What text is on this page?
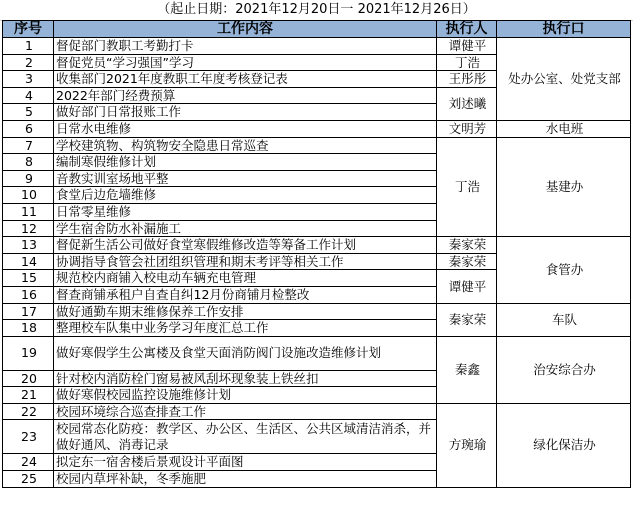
（起止日期：2021年12月20日一 2021年12月26日）
序号	工作内容	执行人	执行口
1	督促部门教职工考勤打卡	谭健平	处办公室、处党支部
2	督促党员“学习强国”学习	丁浩	
3	收集部门2021年度教职工年度考核登记表	王彤彤	
4	2022年部门经费预算	刘述曦	
5	做好部门日常报账工作		
6	日常水电维修	文明芳	水电班
7	学校建筑物、构筑物安全隐患日常巡查	丁浩	基建办
8	编制寒假维修计划		
9	音教实训室场地平整		
10	食堂后边危墙维修		
11	日常零星维修		
12	学生宿舍防水补漏施工		
13	督促新生活公司做好食堂寒假维修改造等筹备工作计划	秦家荣	食管办
14	协调指导食管会社团组织管理和期末考评等相关工作	秦家荣	
15	规范校内商铺入校电动车辆充电管理	谭健平	
16	督查商铺承租户自查自纠12月份商铺月检整改		
17	做好通勤车期末维修保养工作安排	秦家荣	车队
18	整理校车队集中业务学习年度汇总工作		
19	做好寒假学生公寓楼及食堂天面消防阀门设施改造维修计划	秦鑫	治安综合办
20	针对校内消防栓门窗易被风刮坏现象装上铁丝扣		
21	做好寒假校园监控设施维修计划		
22	校园环境综合巡查排查工作	方琬瑜	绿化保洁办
23	校园常态化防疫：教学区、办公区、生活区、公共区域清洁消杀，并做好通风、消毒记录		
24	拟定东一宿舍楼后景观设计平面图		
25	校园内草坪补缺，冬季施肥		
